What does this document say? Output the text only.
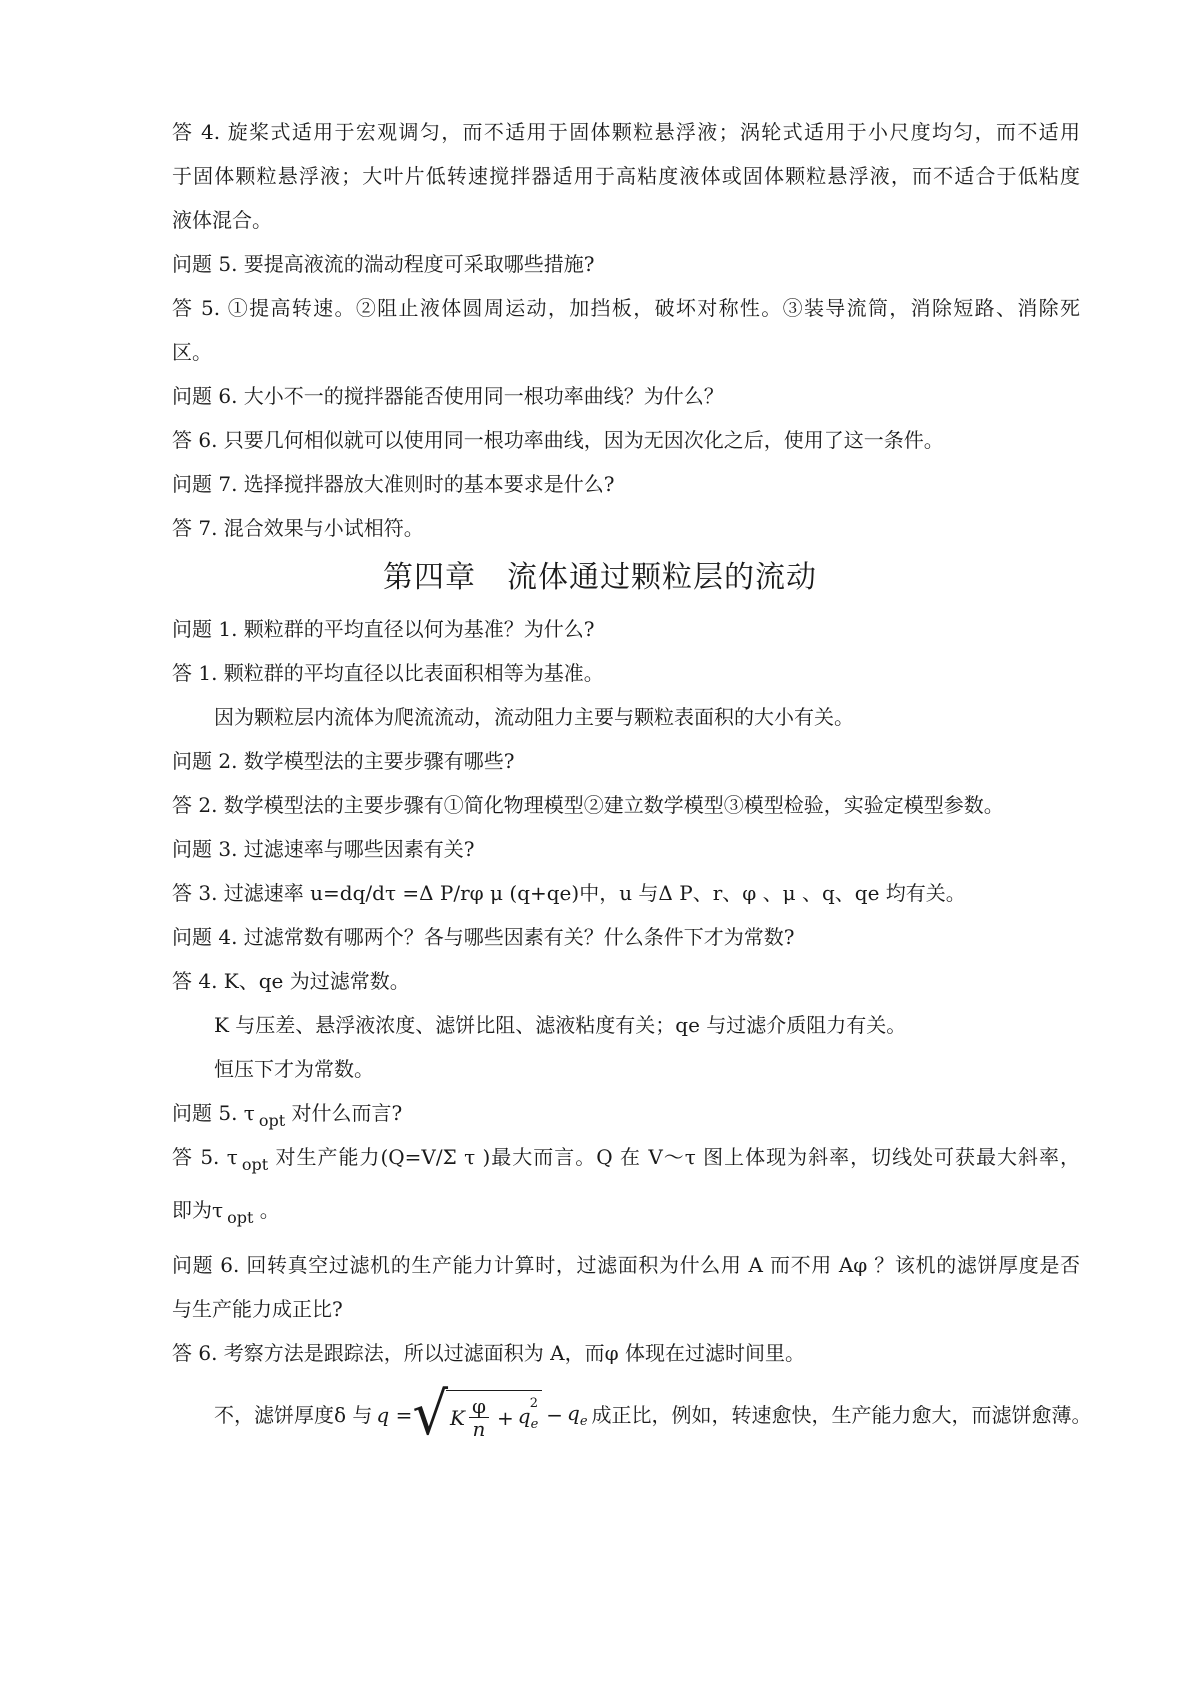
答 4. 旋桨式适用于宏观调匀，而不适用于固体颗粒悬浮液；涡轮式适用于小尺度均匀，而不适用
于固体颗粒悬浮液；大叶片低转速搅拌器适用于高粘度液体或固体颗粒悬浮液，而不适合于低粘度
液体混合。
问题 5. 要提高液流的湍动程度可采取哪些措施?
答 5. ①提高转速。②阻止液体圆周运动，加挡板，破坏对称性。③装导流筒，消除短路、消除死
区。
问题 6. 大小不一的搅拌器能否使用同一根功率曲线？为什么？
答 6. 只要几何相似就可以使用同一根功率曲线，因为无因次化之后，使用了这一条件。
问题 7. 选择搅拌器放大准则时的基本要求是什么?
答 7. 混合效果与小试相符。
第四章　流体通过颗粒层的流动
问题 1. 颗粒群的平均直径以何为基准？为什么?
答 1. 颗粒群的平均直径以比表面积相等为基准。
因为颗粒层内流体为爬流流动，流动阻力主要与颗粒表面积的大小有关。
问题 2. 数学模型法的主要步骤有哪些?
答 2. 数学模型法的主要步骤有①简化物理模型②建立数学模型③模型检验，实验定模型参数。
问题 3. 过滤速率与哪些因素有关?
答 3. 过滤速率 u=dq/dτ =Δ P/rφ μ (q+qe)中，u 与Δ P、r、φ 、μ 、q、qe 均有关。
问题 4. 过滤常数有哪两个？各与哪些因素有关？什么条件下才为常数?
答 4. K、qe 为过滤常数。
K 与压差、悬浮液浓度、滤饼比阻、滤液粘度有关；qe 与过滤介质阻力有关。
恒压下才为常数。
问题 5. τ $_{opt}$ 对什么而言?
答 5. τ $_{opt}$ 对生产能力(Q=V/Σ τ )最大而言。Q 在 V～τ 图上体现为斜率，切线处可获最大斜率，
即为τ $_{opt}$ 。
问题 6. 回转真空过滤机的生产能力计算时，过滤面积为什么用 A 而不用 Aφ ？该机的滤饼厚度是否
与生产能力成正比?
答 6. 考察方法是跟踪法，所以过滤面积为 A，而φ 体现在过滤时间里。
不，滤饼厚度δ 与 q = √ K $\frac{\varphi}{n} + q$
2
$_e - q_e$ 成正比，例如，转速愈快，生产能力愈大，而滤饼愈薄。
